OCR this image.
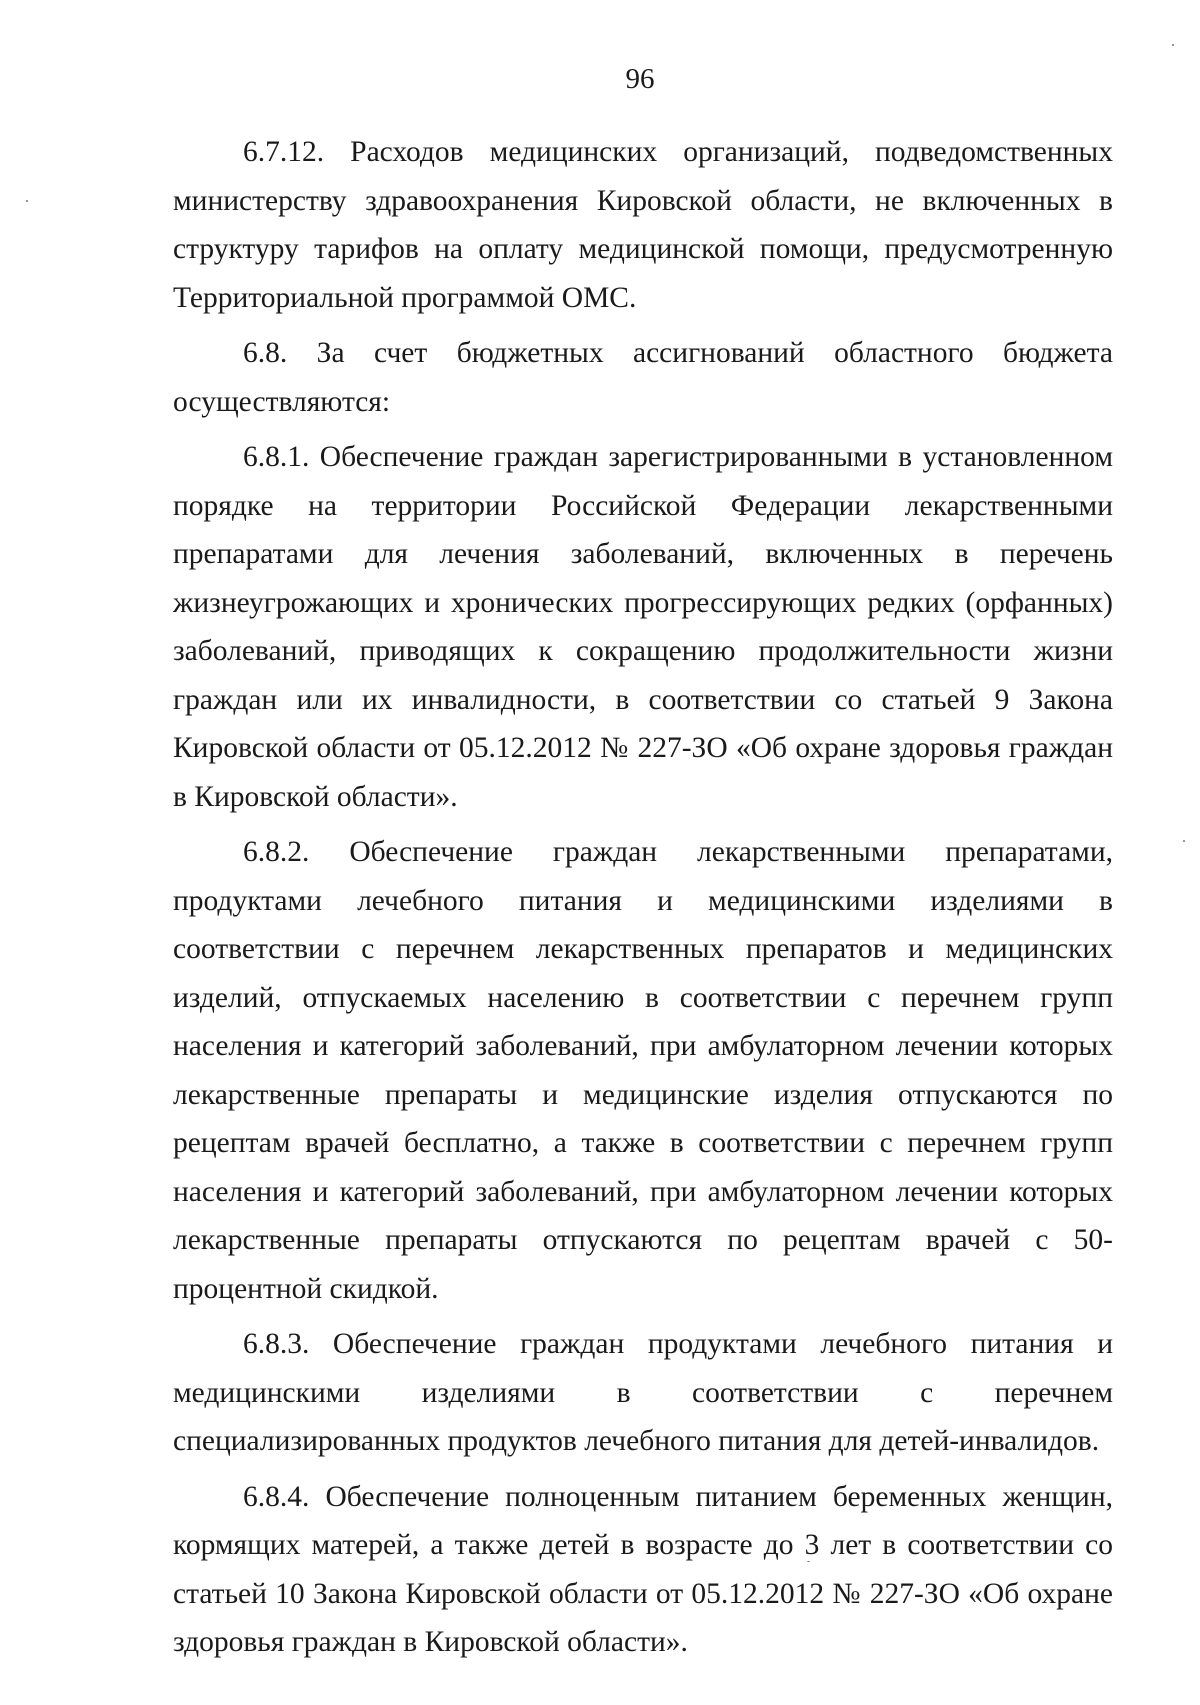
96

6.7.12. Расходов медицинских организаций, подведомственных министерству здравоохранения Кировской области, не включенных в структуру тарифов на оплату медицинской помощи, предусмотренную Территориальной программой ОМС.

6.8. За счет бюджетных ассигнований областного бюджета осуществляются:

6.8.1. Обеспечение граждан зарегистрированными в установленном порядке на территории Российской Федерации лекарственными препаратами для лечения заболеваний, включенных в перечень жизнеугрожающих и хронических прогрессирующих редких (орфанных) заболеваний, приводящих к сокращению продолжительности жизни граждан или их инвалидности, в соответствии со статьей 9 Закона Кировской области от 05.12.2012 № 227-ЗО «Об охране здоровья граждан в Кировской области».

6.8.2. Обеспечение граждан лекарственными препаратами, продуктами лечебного питания и медицинскими изделиями в соответствии с перечнем лекарственных препаратов и медицинских изделий, отпускаемых населению в соответствии с перечнем групп населения и категорий заболеваний, при амбулаторном лечении которых лекарственные препараты и медицинские изделия отпускаются по рецептам врачей бесплатно, а также в соответствии с перечнем групп населения и категорий заболеваний, при амбулаторном лечении которых лекарственные препараты отпускаются по рецептам врачей с 50-процентной скидкой.

6.8.3. Обеспечение граждан продуктами лечебного питания и медицинскими изделиями в соответствии с перечнем специализированных продуктов лечебного питания для детей-инвалидов.

6.8.4. Обеспечение полноценным питанием беременных женщин, кормящих матерей, а также детей в возрасте до 3 лет в соответствии со статьей 10 Закона Кировской области от 05.12.2012 № 227-ЗО «Об охране здоровья граждан в Кировской области».
